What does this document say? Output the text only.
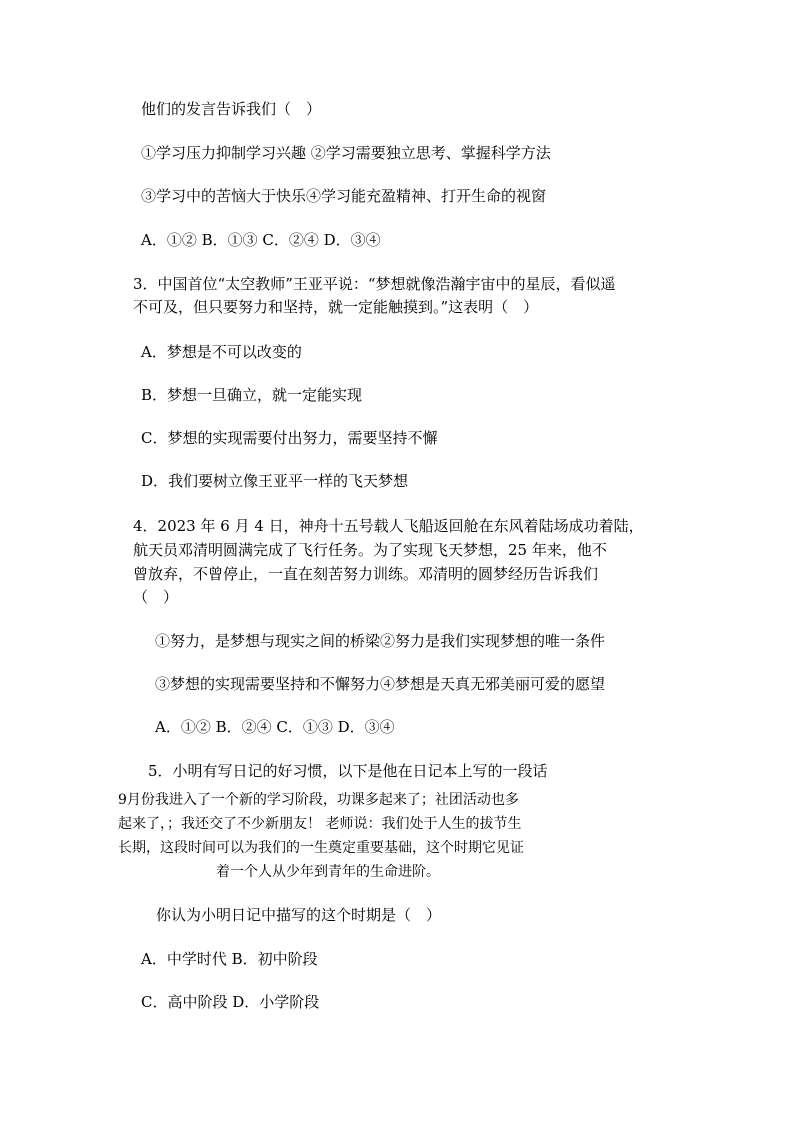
他们的发言告诉我们（　）
①学习压力抑制学习兴趣 ②学习需要独立思考、掌握科学方法
③学习中的苦恼大于快乐④学习能充盈精神、打开生命的视窗
A．①② B．①③ C．②④ D．③④
3．中国首位“太空教师”王亚平说：“梦想就像浩瀚宇宙中的星辰，看似遥
不可及，但只要努力和坚持，就一定能触摸到。”这表明（　）
A．梦想是不可以改变的
B．梦想一旦确立，就一定能实现
C．梦想的实现需要付出努力，需要坚持不懈
D．我们要树立像王亚平一样的飞天梦想
4．2023 年 6 月 4 日，神舟十五号载人飞船返回舱在东风着陆场成功着陆，
航天员邓清明圆满完成了飞行任务。为了实现飞天梦想，25 年来，他不
曾放弃，不曾停止，一直在刻苦努力训练。邓清明的圆梦经历告诉我们
（　）
①努力，是梦想与现实之间的桥梁②努力是我们实现梦想的唯一条件
③梦想的实现需要坚持和不懈努力④梦想是天真无邪美丽可爱的愿望
A．①② B．②④ C．①③ D．③④
5．小明有写日记的好习惯，以下是他在日记本上写的一段话
9月份我进入了一个新的学习阶段，功课多起来了；社团活动也多
起来了，；我还交了不少新朋友！ 老师说：我们处于人生的拔节生
长期，这段时间可以为我们的一生奠定重要基础，这个时期它见证
着一个人从少年到青年的生命进阶。
你认为小明日记中描写的这个时期是（　）
A．中学时代 B．初中阶段
C．高中阶段 D．小学阶段
